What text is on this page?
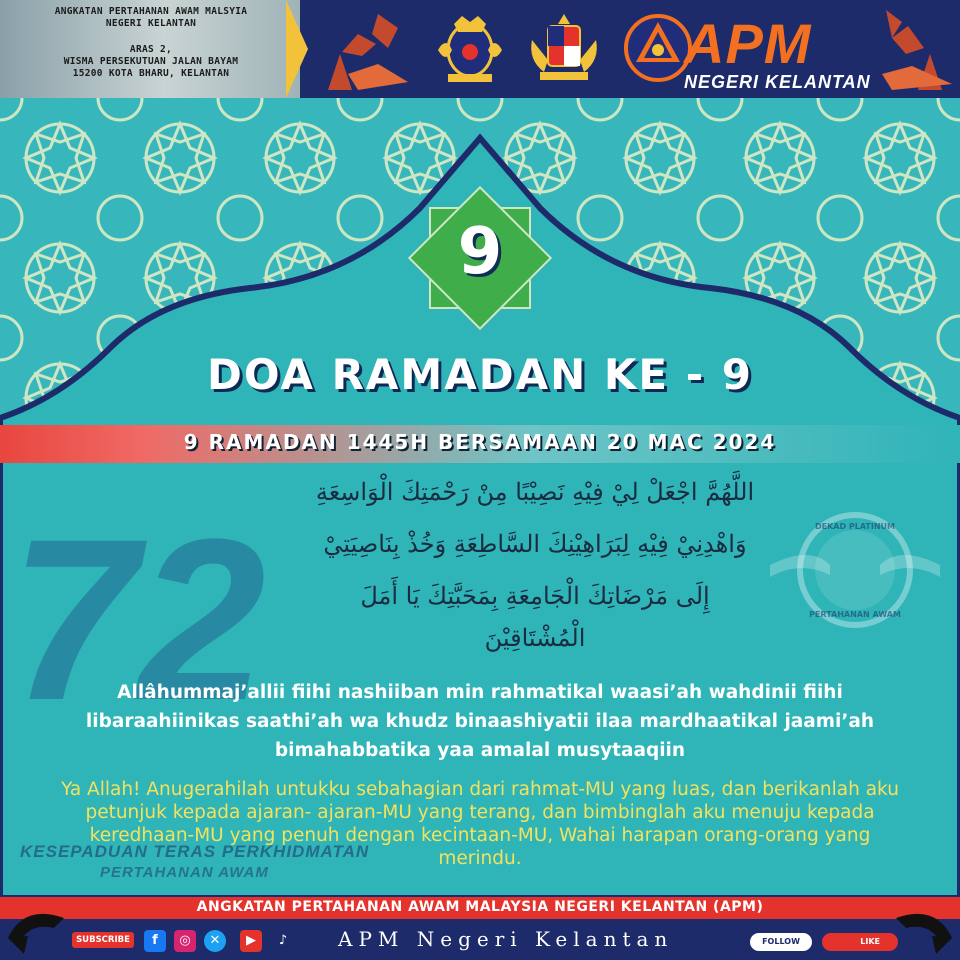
ANGKATAN PERTAHANAN AWAM MALSYIA
NEGERI KELANTAN
ARAS 2,
WISMA PERSEKUTUAN JALAN BAYAM
15200 KOTA BHARU, KELANTAN	APM
NEGERI KELANTAN
9
DOA RAMADAN KE - 9
9 RAMADAN 1445H BERSAMAAN 20 MAC 2024
72
KESEPADUAN TERAS PERKHIDMATAN
PERTAHANAN AWAM
DEKAD PLATINUM
PERTAHANAN AWAM
اللَّهُمَّ اجْعَلْ لِيْ فِيْهِ نَصِيْبًا مِنْ رَحْمَتِكَ الْوَاسِعَةِ
وَاهْدِنِيْ فِيْهِ لِبَرَاهِيْنِكَ السَّاطِعَةِ وَخُذْ بِنَاصِيَتِيْ
إِلَى مَرْضَاتِكَ الْجَامِعَةِ بِمَحَبَّتِكَ يَا أَمَلَ
الْمُشْتَاقِيْنَ
Allâhummaj’allii fiihi nashiiban min rahmatikal waasi’ah wahdinii fiihi libaraahiinikas saathi’ah wa khudz binaashiyatii ilaa mardhaatikal jaami’ah bimahabbatika yaa amalal musytaaqiin
Ya Allah! Anugerahilah untukku sebahagian dari rahmat-MU yang luas, dan berikanlah aku petunjuk kepada ajaran- ajaran-MU yang terang, dan bimbinglah aku menuju kepada keredhaan-MU yang penuh dengan kecintaan-MU, Wahai harapan orang-orang yang merindu.
ANGKATAN PERTAHANAN AWAM MALAYSIA NEGERI KELANTAN (APM)
SUBSCRIBE	f	◎	✕	▶	♪	APM Negeri Kelantan	FOLLOW	LIKE
